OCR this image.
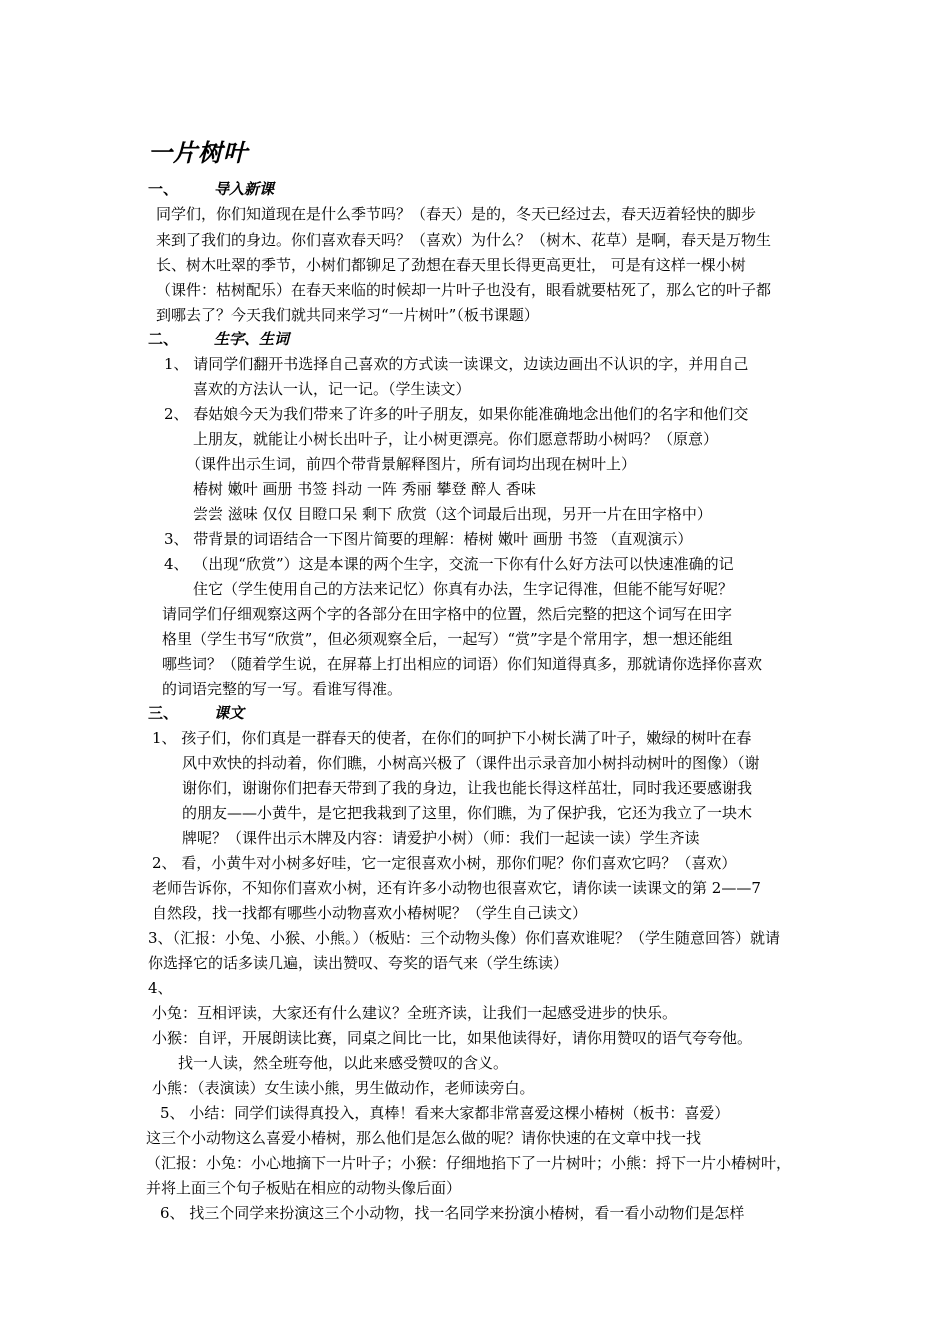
一片树叶
一、 导入新课
同学们，你们知道现在是什么季节吗？（春天）是的，冬天已经过去，春天迈着轻快的脚步
来到了我们的身边。你们喜欢春天吗？（喜欢）为什么？（树木、花草）是啊，春天是万物生
长、树木吐翠的季节，小树们都铆足了劲想在春天里长得更高更壮， 可是有这样一棵小树
（课件：枯树配乐）在春天来临的时候却一片叶子也没有，眼看就要枯死了，那么它的叶子都
到哪去了？今天我们就共同来学习“一片树叶”（板书课题）
二、 生字、生词
1、 请同学们翻开书选择自己喜欢的方式读一读课文，边读边画出不认识的字，并用自己
喜欢的方法认一认，记一记。（学生读文）
2、 春姑娘今天为我们带来了许多的叶子朋友，如果你能准确地念出他们的名字和他们交
上朋友，就能让小树长出叶子，让小树更漂亮。你们愿意帮助小树吗？（原意）
（课件出示生词，前四个带背景解释图片，所有词均出现在树叶上）
椿树 嫩叶 画册 书签 抖动 一阵 秀丽 攀登 醉人 香味
尝尝 滋味 仅仅 目瞪口呆 剩下 欣赏（这个词最后出现，另开一片在田字格中）
3、 带背景的词语结合一下图片简要的理解：椿树 嫩叶 画册 书签 （直观演示）
4、 （出现“欣赏”）这是本课的两个生字，交流一下你有什么好方法可以快速准确的记
住它（学生使用自己的方法来记忆）你真有办法，生字记得准，但能不能写好呢？
请同学们仔细观察这两个字的各部分在田字格中的位置，然后完整的把这个词写在田字
格里（学生书写“欣赏”，但必须观察全后，一起写）“赏”字是个常用字，想一想还能组
哪些词？（随着学生说，在屏幕上打出相应的词语）你们知道得真多，那就请你选择你喜欢
的词语完整的写一写。看谁写得准。
三、 课文
1、 孩子们，你们真是一群春天的使者，在你们的呵护下小树长满了叶子，嫩绿的树叶在春
风中欢快的抖动着，你们瞧，小树高兴极了（课件出示录音加小树抖动树叶的图像）（谢
谢你们，谢谢你们把春天带到了我的身边，让我也能长得这样茁壮，同时我还要感谢我
的朋友——小黄牛，是它把我栽到了这里，你们瞧，为了保护我，它还为我立了一块木
牌呢？（课件出示木牌及内容：请爱护小树）（师：我们一起读一读）学生齐读
2、 看，小黄牛对小树多好哇，它一定很喜欢小树，那你们呢？你们喜欢它吗？（喜欢）
老师告诉你，不知你们喜欢小树，还有许多小动物也很喜欢它，请你读一读课文的第 2——7
自然段，找一找都有哪些小动物喜欢小椿树呢？（学生自己读文）
3、（汇报：小兔、小猴、小熊。）（板贴：三个动物头像）你们喜欢谁呢？（学生随意回答）就请
你选择它的话多读几遍，读出赞叹、夸奖的语气来（学生练读）
4、
小兔：互相评读，大家还有什么建议？全班齐读，让我们一起感受进步的快乐。
小猴：自评，开展朗读比赛，同桌之间比一比，如果他读得好，请你用赞叹的语气夸夸他。
找一人读，然全班夸他，以此来感受赞叹的含义。
小熊：（表演读）女生读小熊，男生做动作，老师读旁白。
5、 小结：同学们读得真投入，真棒！看来大家都非常喜爱这棵小椿树（板书：喜爱）
这三个小动物这么喜爱小椿树，那么他们是怎么做的呢？请你快速的在文章中找一找
（汇报：小兔：小心地摘下一片叶子；小猴：仔细地掐下了一片树叶；小熊：捋下一片小椿树叶，
并将上面三个句子板贴在相应的动物头像后面）
6、 找三个同学来扮演这三个小动物，找一名同学来扮演小椿树，看一看小动物们是怎样
